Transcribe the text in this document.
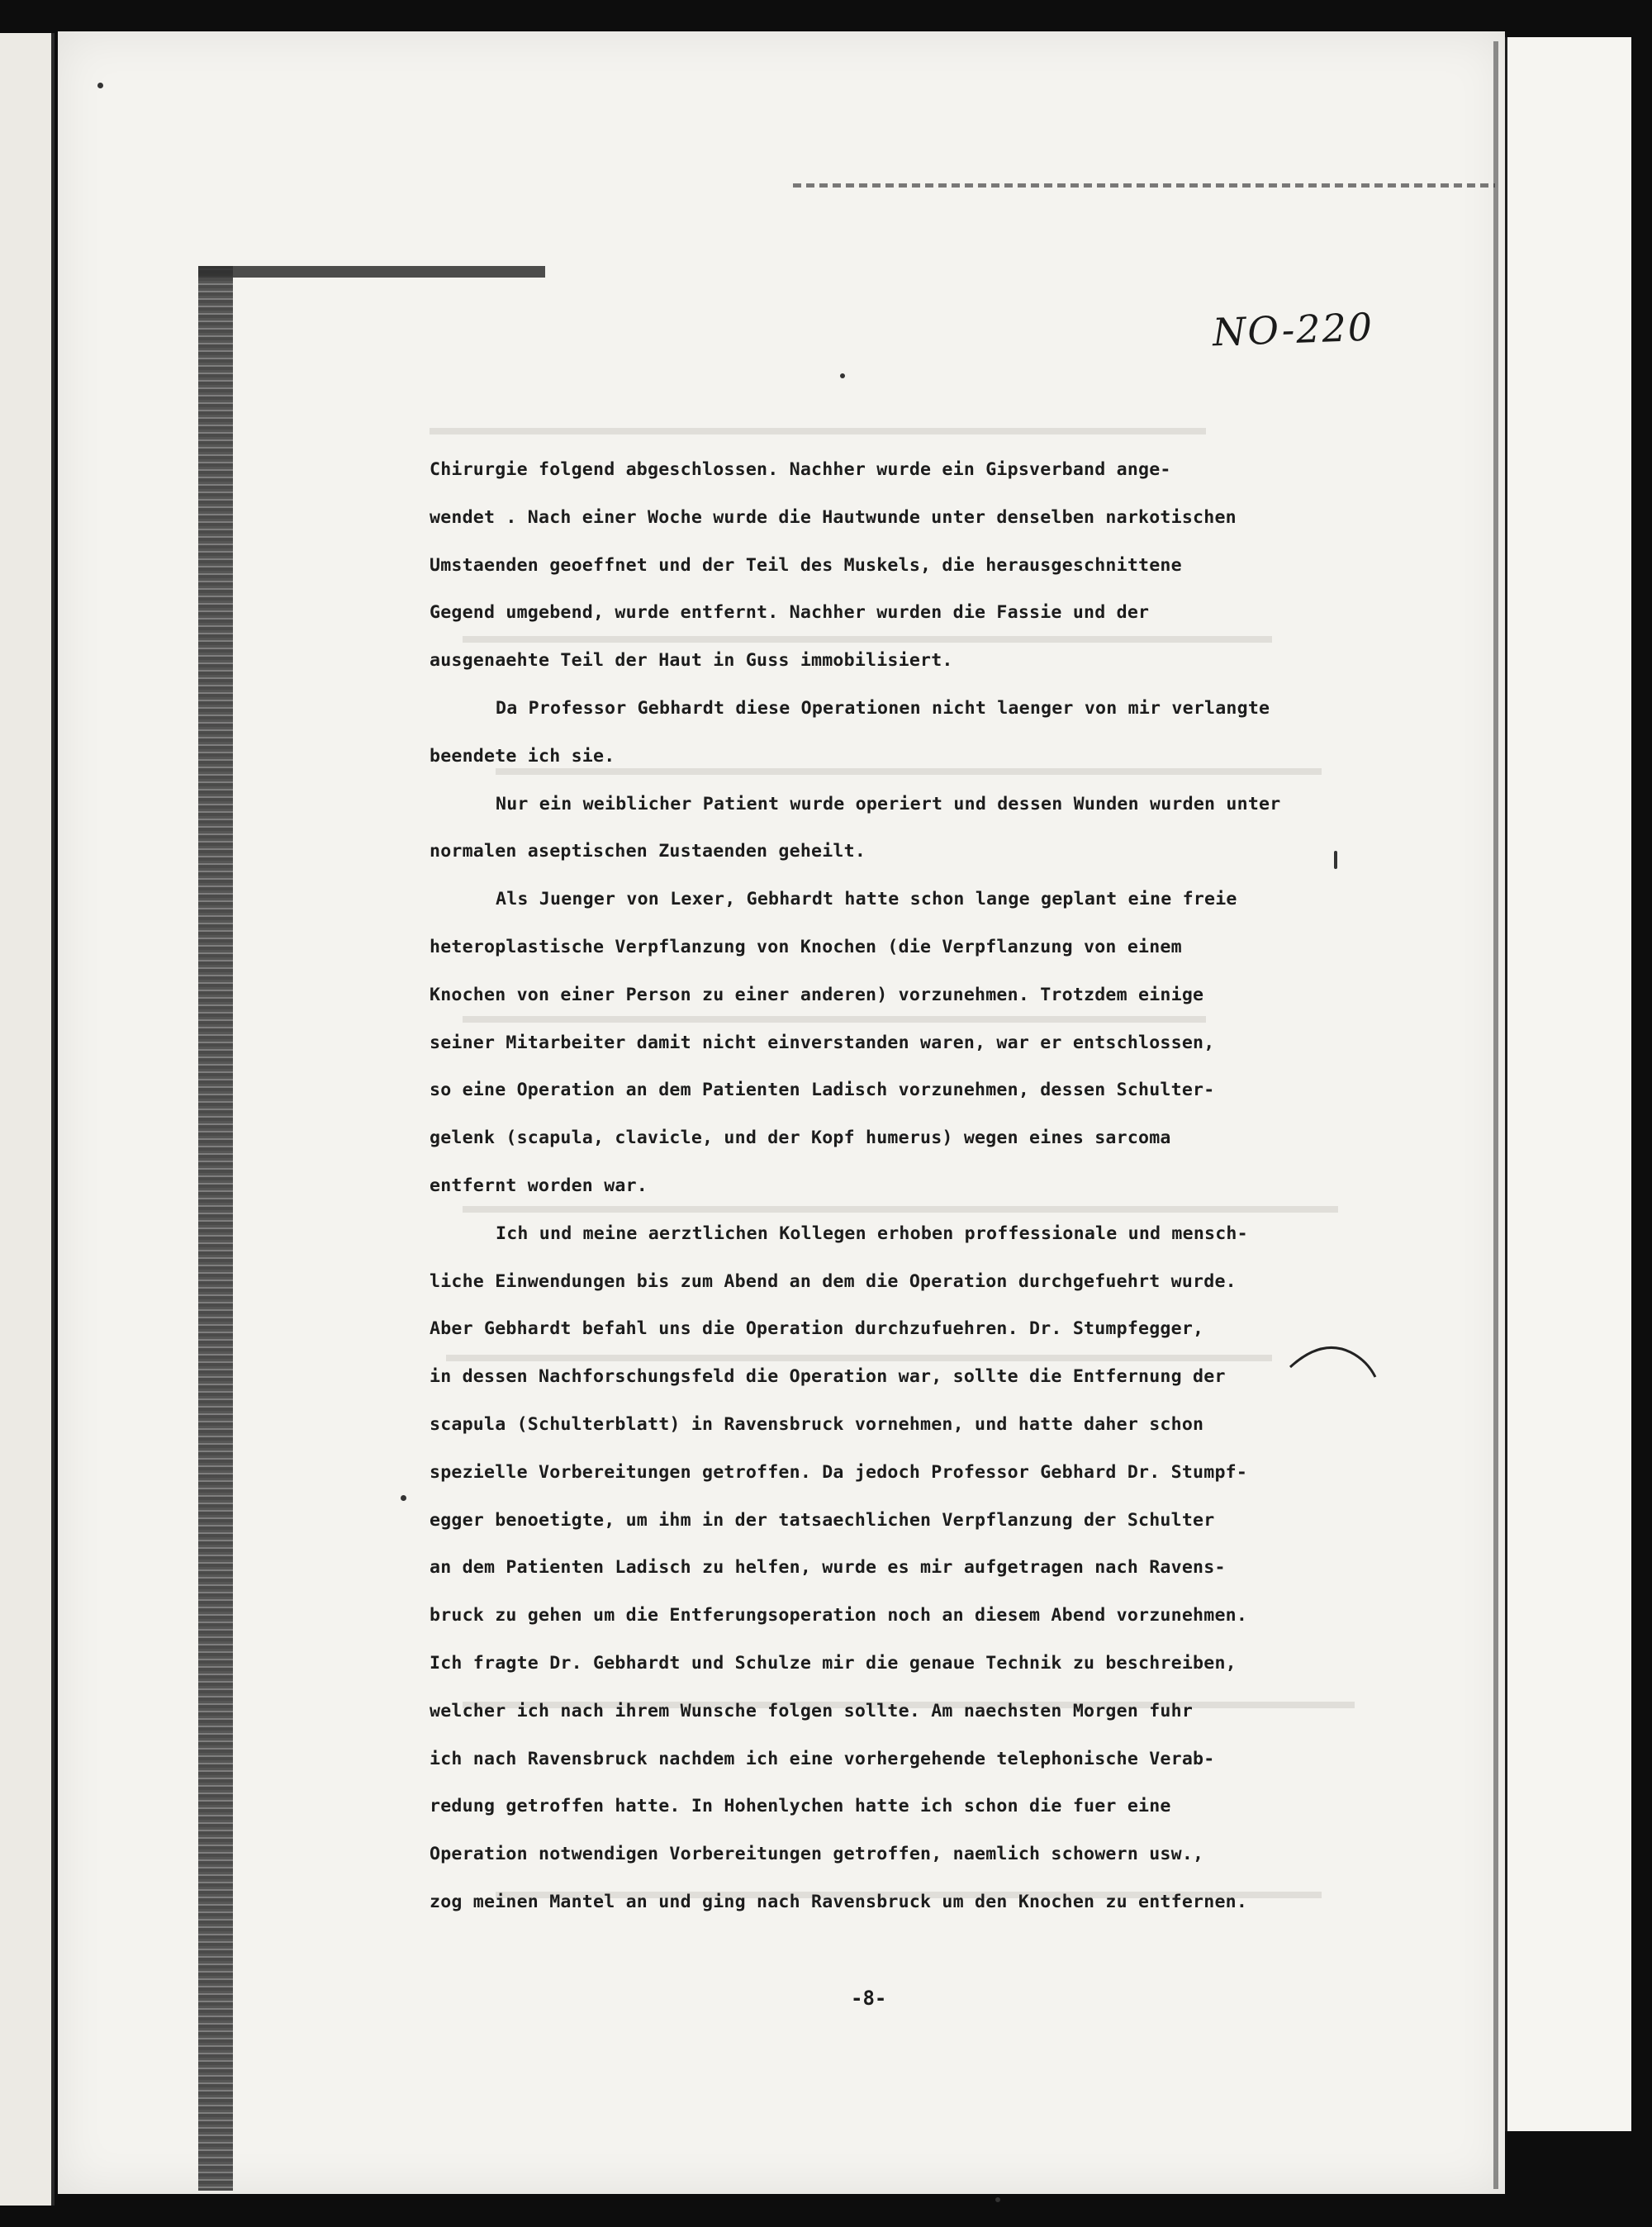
NO-220
Chirurgie folgend abgeschlossen. Nachher wurde ein Gipsverband ange-
wendet . Nach einer Woche wurde die Hautwunde unter denselben narkotischen
Umstaenden geoeffnet und der Teil des Muskels, die herausgeschnittene
Gegend umgebend, wurde entfernt. Nachher wurden die Fassie und der
ausgenaehte Teil der Haut in Guss immobilisiert.
Da Professor Gebhardt diese Operationen nicht laenger von mir verlangte
beendete ich sie.
Nur ein weiblicher Patient wurde operiert und dessen Wunden wurden unter
normalen aseptischen Zustaenden geheilt.
Als Juenger von Lexer, Gebhardt hatte schon lange geplant eine freie
heteroplastische Verpflanzung von Knochen (die Verpflanzung von einem
Knochen von einer Person zu einer anderen) vorzunehmen. Trotzdem einige
seiner Mitarbeiter damit nicht einverstanden waren, war er entschlossen,
so eine Operation an dem Patienten Ladisch vorzunehmen, dessen Schulter-
gelenk (scapula, clavicle, und der Kopf humerus) wegen eines sarcoma
entfernt worden war.
Ich und meine aerztlichen Kollegen erhoben proffessionale und mensch-
liche Einwendungen bis zum Abend an dem die Operation durchgefuehrt wurde.
Aber Gebhardt befahl uns die Operation durchzufuehren. Dr. Stumpfegger,
in dessen Nachforschungsfeld die Operation war, sollte die Entfernung der
scapula (Schulterblatt) in Ravensbruck vornehmen, und hatte daher schon
spezielle Vorbereitungen getroffen. Da jedoch Professor Gebhard Dr. Stumpf-
egger benoetigte, um ihm in der tatsaechlichen Verpflanzung der Schulter
an dem Patienten Ladisch zu helfen, wurde es mir aufgetragen nach Ravens-
bruck zu gehen um die Entferungsoperation noch an diesem Abend vorzunehmen.
Ich fragte Dr. Gebhardt und Schulze mir die genaue Technik zu beschreiben,
welcher ich nach ihrem Wunsche folgen sollte. Am naechsten Morgen fuhr
ich nach Ravensbruck nachdem ich eine vorhergehende telephonische Verab-
redung getroffen hatte. In Hohenlychen hatte ich schon die fuer eine
Operation notwendigen Vorbereitungen getroffen, naemlich schowern usw.,
zog meinen Mantel an und ging nach Ravensbruck um den Knochen zu entfernen.
-8-
